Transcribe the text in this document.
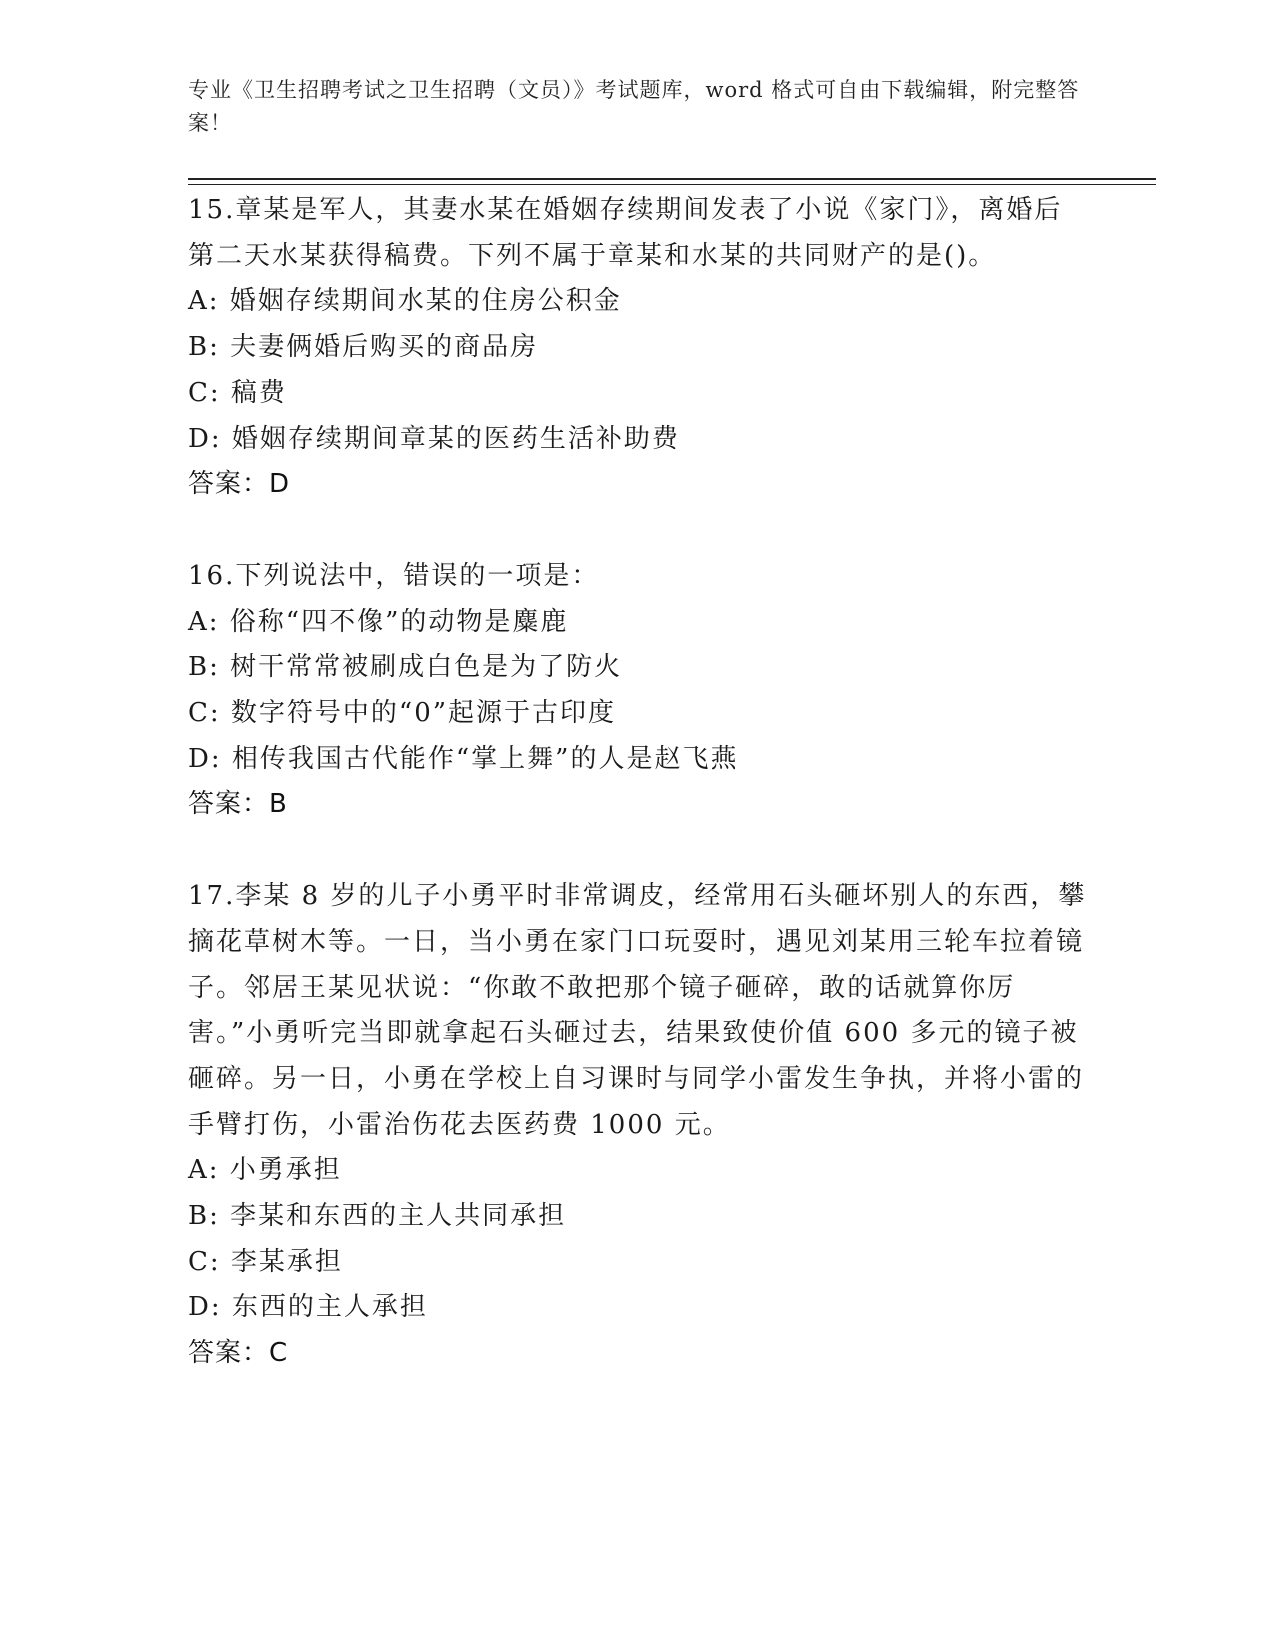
专业《卫生招聘考试之卫生招聘（文员）》考试题库，word 格式可自由下载编辑，附完整答案！

15.章某是军人，其妻水某在婚姻存续期间发表了小说《家门》，离婚后第二天水某获得稿费。下列不属于章某和水某的共同财产的是()。

A: 婚姻存续期间水某的住房公积金

B: 夫妻俩婚后购买的商品房

C: 稿费

D: 婚姻存续期间章某的医药生活补助费

答案：D

16.下列说法中，错误的一项是：

A: 俗称“四不像”的动物是麋鹿

B: 树干常常被刷成白色是为了防火

C: 数字符号中的“0”起源于古印度

D: 相传我国古代能作“掌上舞”的人是赵飞燕

答案：B

17.李某 8 岁的儿子小勇平时非常调皮，经常用石头砸坏别人的东西，攀摘花草树木等。一日，当小勇在家门口玩耍时，遇见刘某用三轮车拉着镜子。邻居王某见状说：“你敢不敢把那个镜子砸碎，敢的话就算你厉害。”小勇听完当即就拿起石头砸过去，结果致使价值 600 多元的镜子被砸碎。另一日，小勇在学校上自习课时与同学小雷发生争执，并将小雷的手臂打伤，小雷治伤花去医药费 1000 元。

A: 小勇承担

B: 李某和东西的主人共同承担

C: 李某承担

D: 东西的主人承担

答案：C
